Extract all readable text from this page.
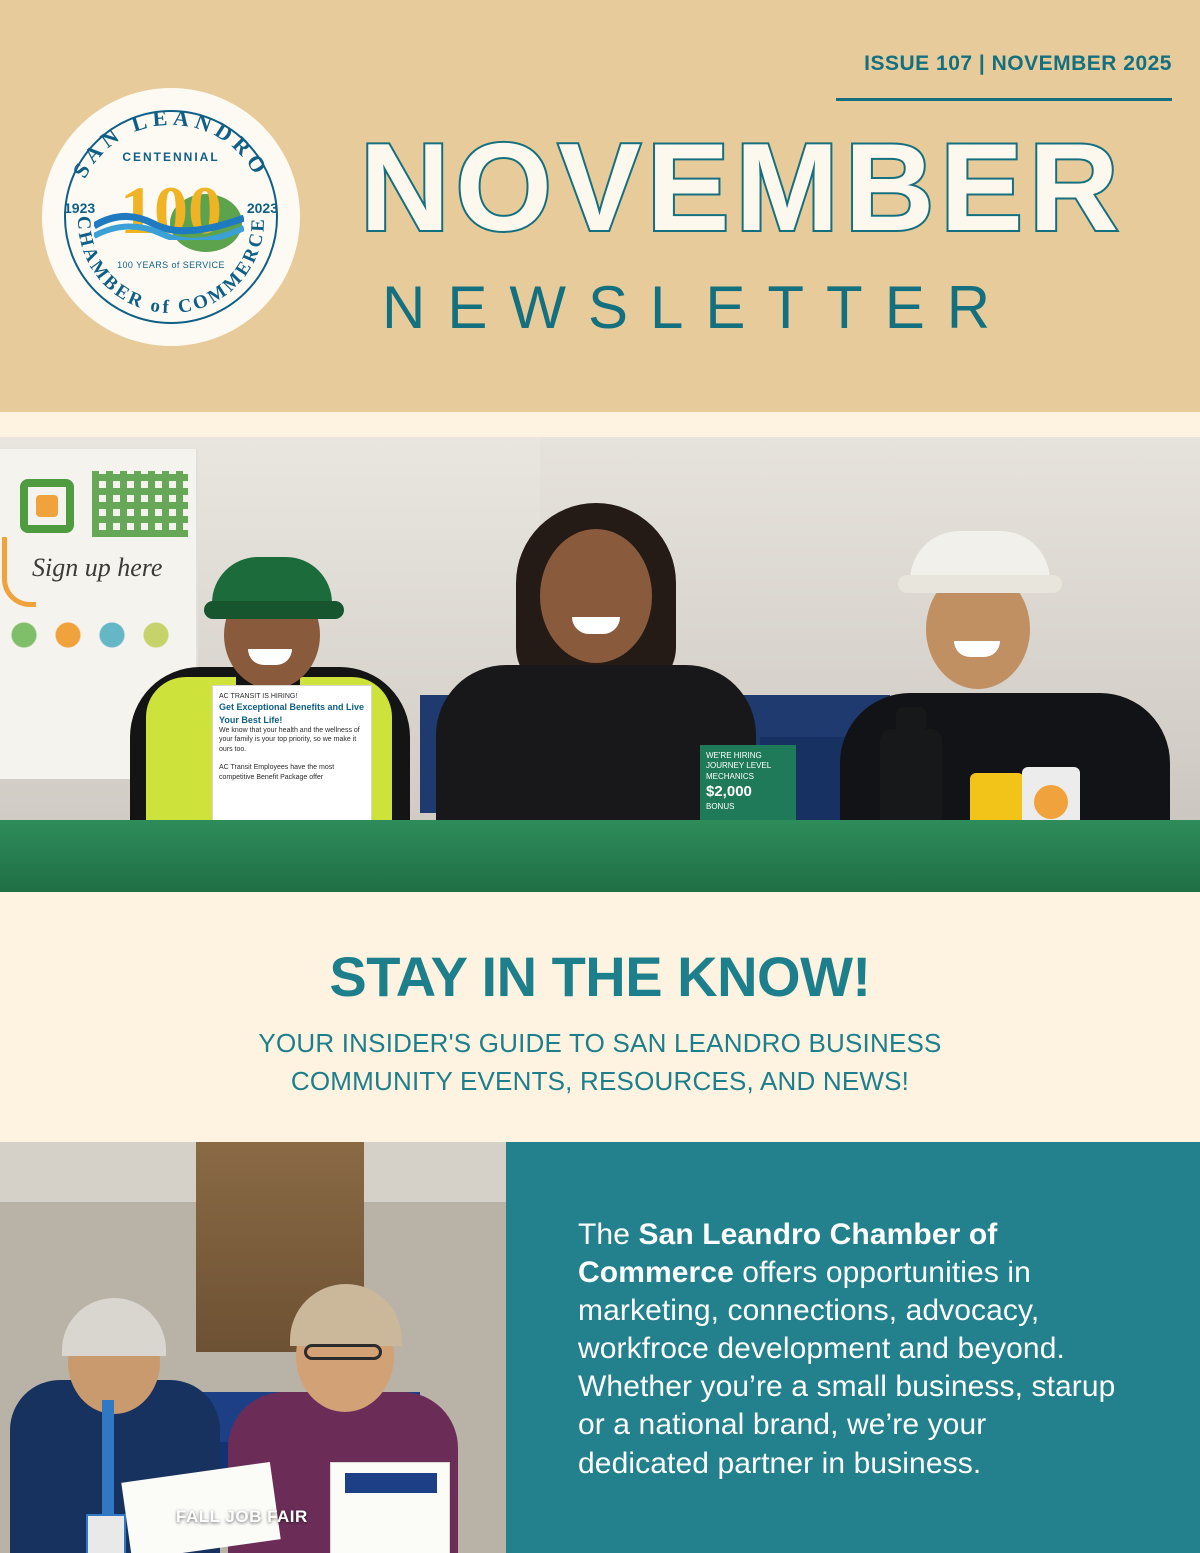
ISSUE 107 | NOVEMBER 2025
SAN LEANDRO
CHAMBER of COMMERCE
CENTENNIAL
1923	2023
100
100 YEARS of SERVICE
NOVEMBER
NEWSLETTER
Sign up here
AC TRANSIT IS HIRING!
Get Exceptional Benefits and Live Your Best Life!
We know that your health and the wellness of your family is your top priority, so we make it ours too.

AC Transit Employees have the most competitive Benefit Package offer
WE'RE HIRING
JOURNEY LEVEL MECHANICS
$2,000
BONUS
STAY IN THE KNOW!

YOUR INSIDER'S GUIDE TO SAN LEANDRO BUSINESS
COMMUNITY EVENTS, RESOURCES, AND NEWS!

FALL JOB FAIR
The San Leandro Chamber of Commerce offers opportunities in marketing, connections, advocacy, workfroce development and beyond. Whether you’re a small business, starup or a national brand, we’re your dedicated partner in business.
